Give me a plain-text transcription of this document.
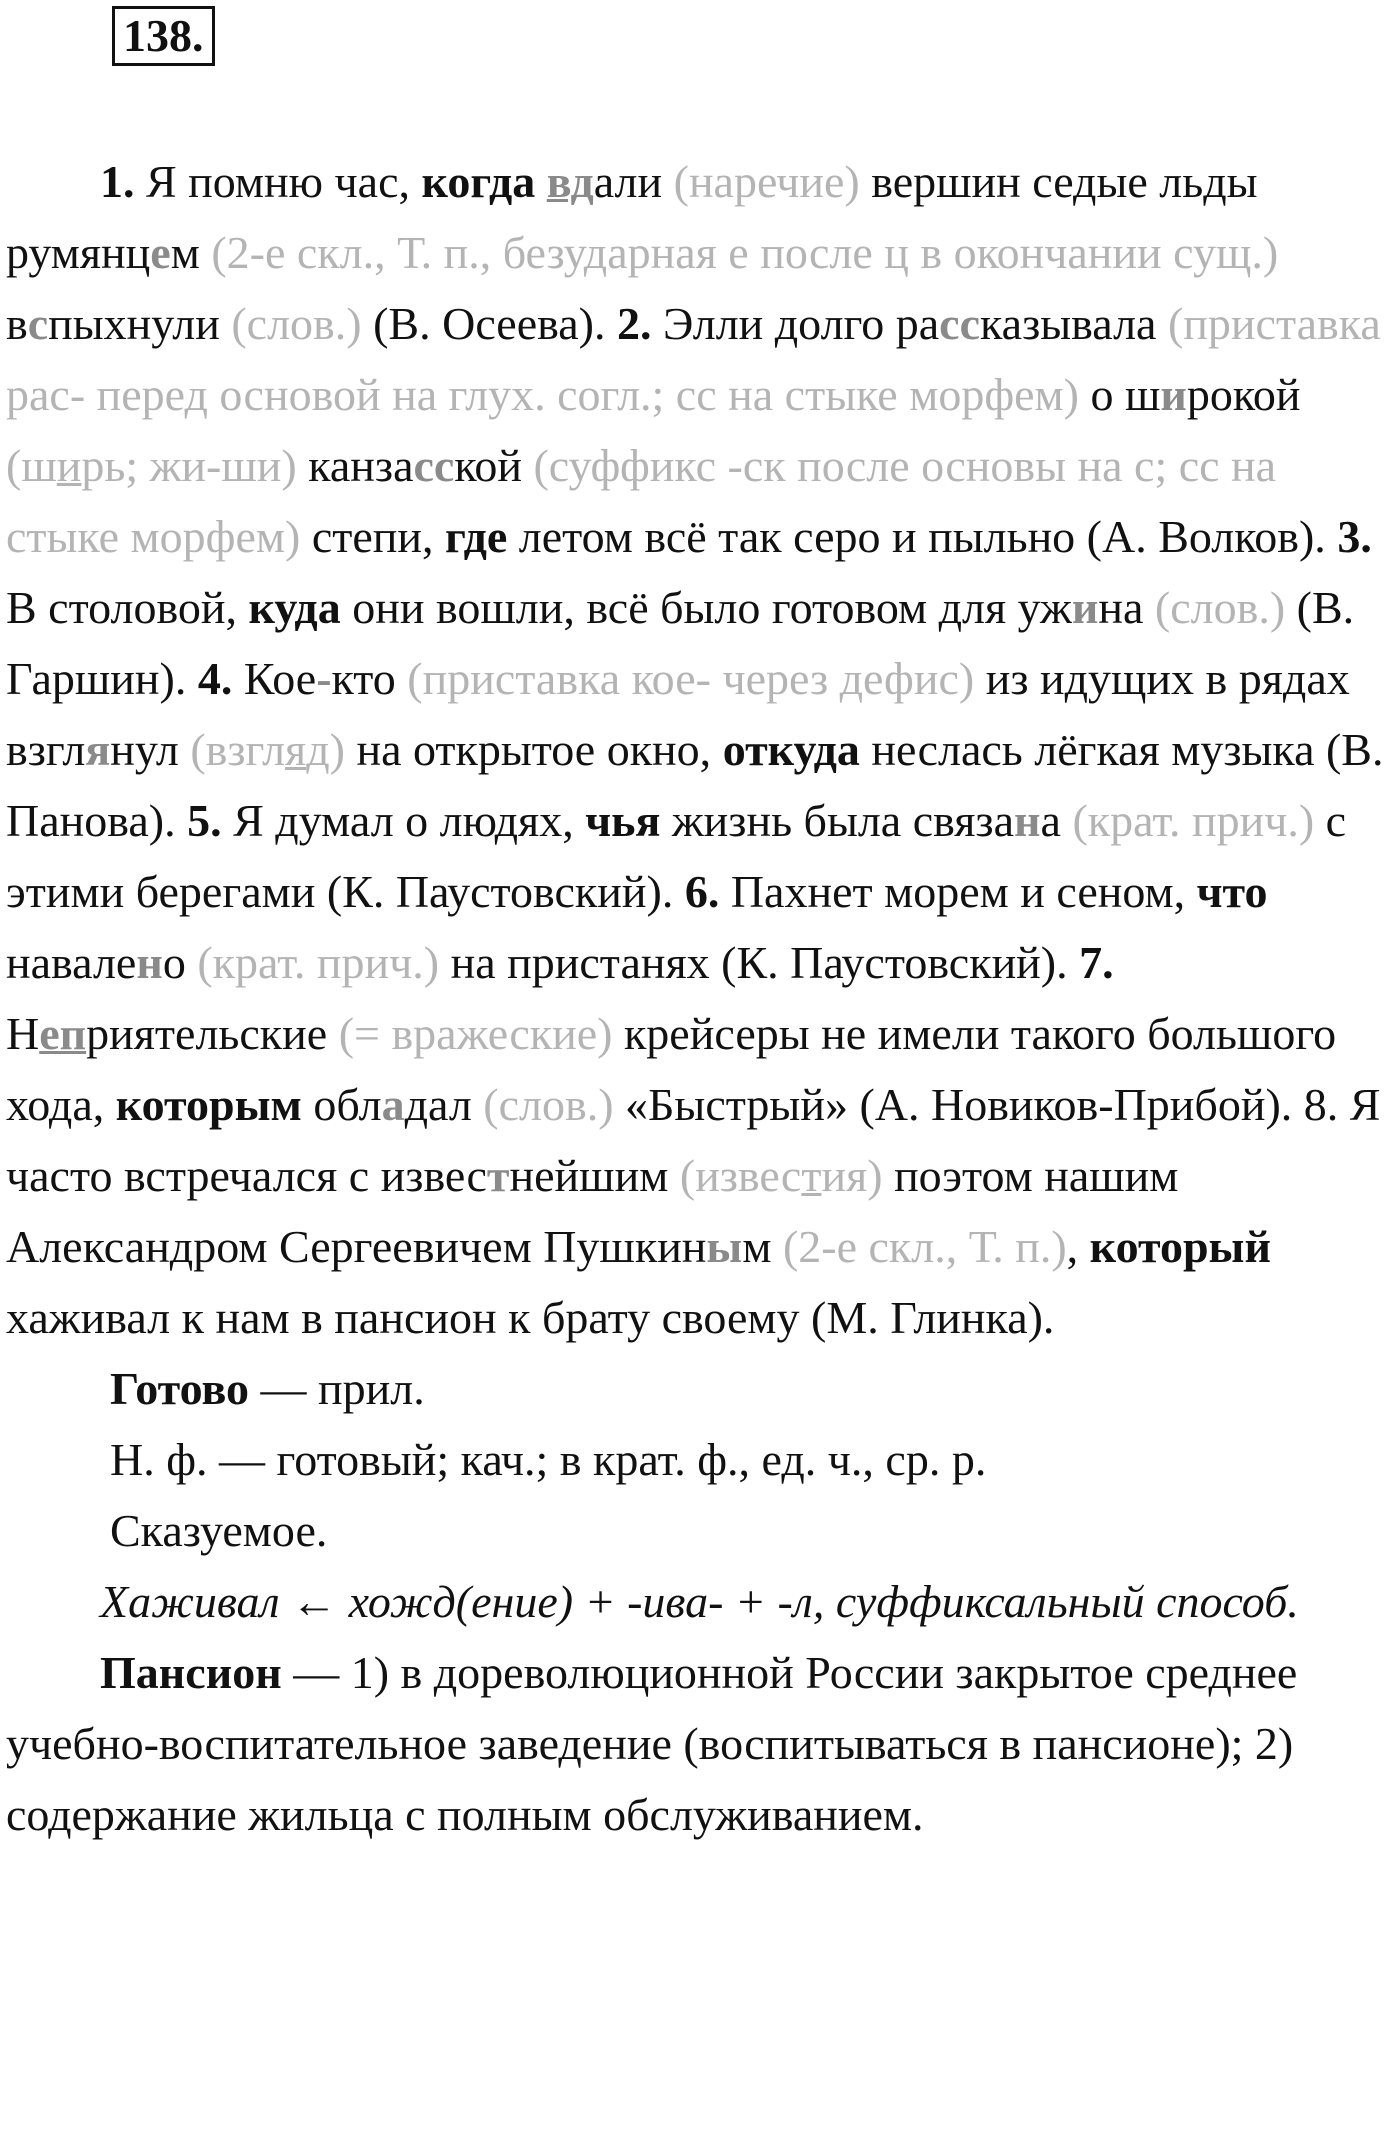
138.

1. Я помню час, когда вдали (наречие) вершин седые льды румянцем (2-е скл., Т. п., безударная е после ц в окончании сущ.) вспыхнули (слов.) (В. Осеева). 2. Элли долго рассказывала (приставка рас- перед основой на глух. согл.; сс на стыке морфем) о широкой (ширь; жи-ши) канзасской (суффикс -ск после основы на с; сс на стыке морфем) степи, где летом всё так серо и пыльно (А. Волков). 3. В столовой, куда они вошли, всё было готовом для ужина (слов.) (В. Гаршин). 4. Кое-кто (приставка кое- через дефис) из идущих в рядах взглянул (взгляд) на открытое окно, откуда неслась лёгкая музыка (В. Панова). 5. Я думал о людях, чья жизнь была связана (крат. прич.) с этими берегами (К. Паустовский). 6. Пахнет морем и сеном, что навалено (крат. прич.) на пристанях (К. Паустовский). 7. Неприятельские (= вражеские) крейсеры не имели такого большого хода, которым обладал (слов.) «Быстрый» (А. Новиков-Прибой). 8. Я часто встречался с известнейшим (известия) поэтом нашим Александром Сергеевичем Пушкиным (2-е скл., Т. п.), который хаживал к нам в пансион к брату своему (М. Глинка).

Готово — прил.

Н. ф. — готовый; кач.; в крат. ф., ед. ч., ср. р.

Сказуемое.

Хаживал ← хожд(ение) + -ива- + -л, суффиксальный способ.

Пансион — 1) в дореволюционной России закрытое среднее учебно-воспитательное заведение (воспитываться в пансионе); 2) содержание жильца с полным обслуживанием.
